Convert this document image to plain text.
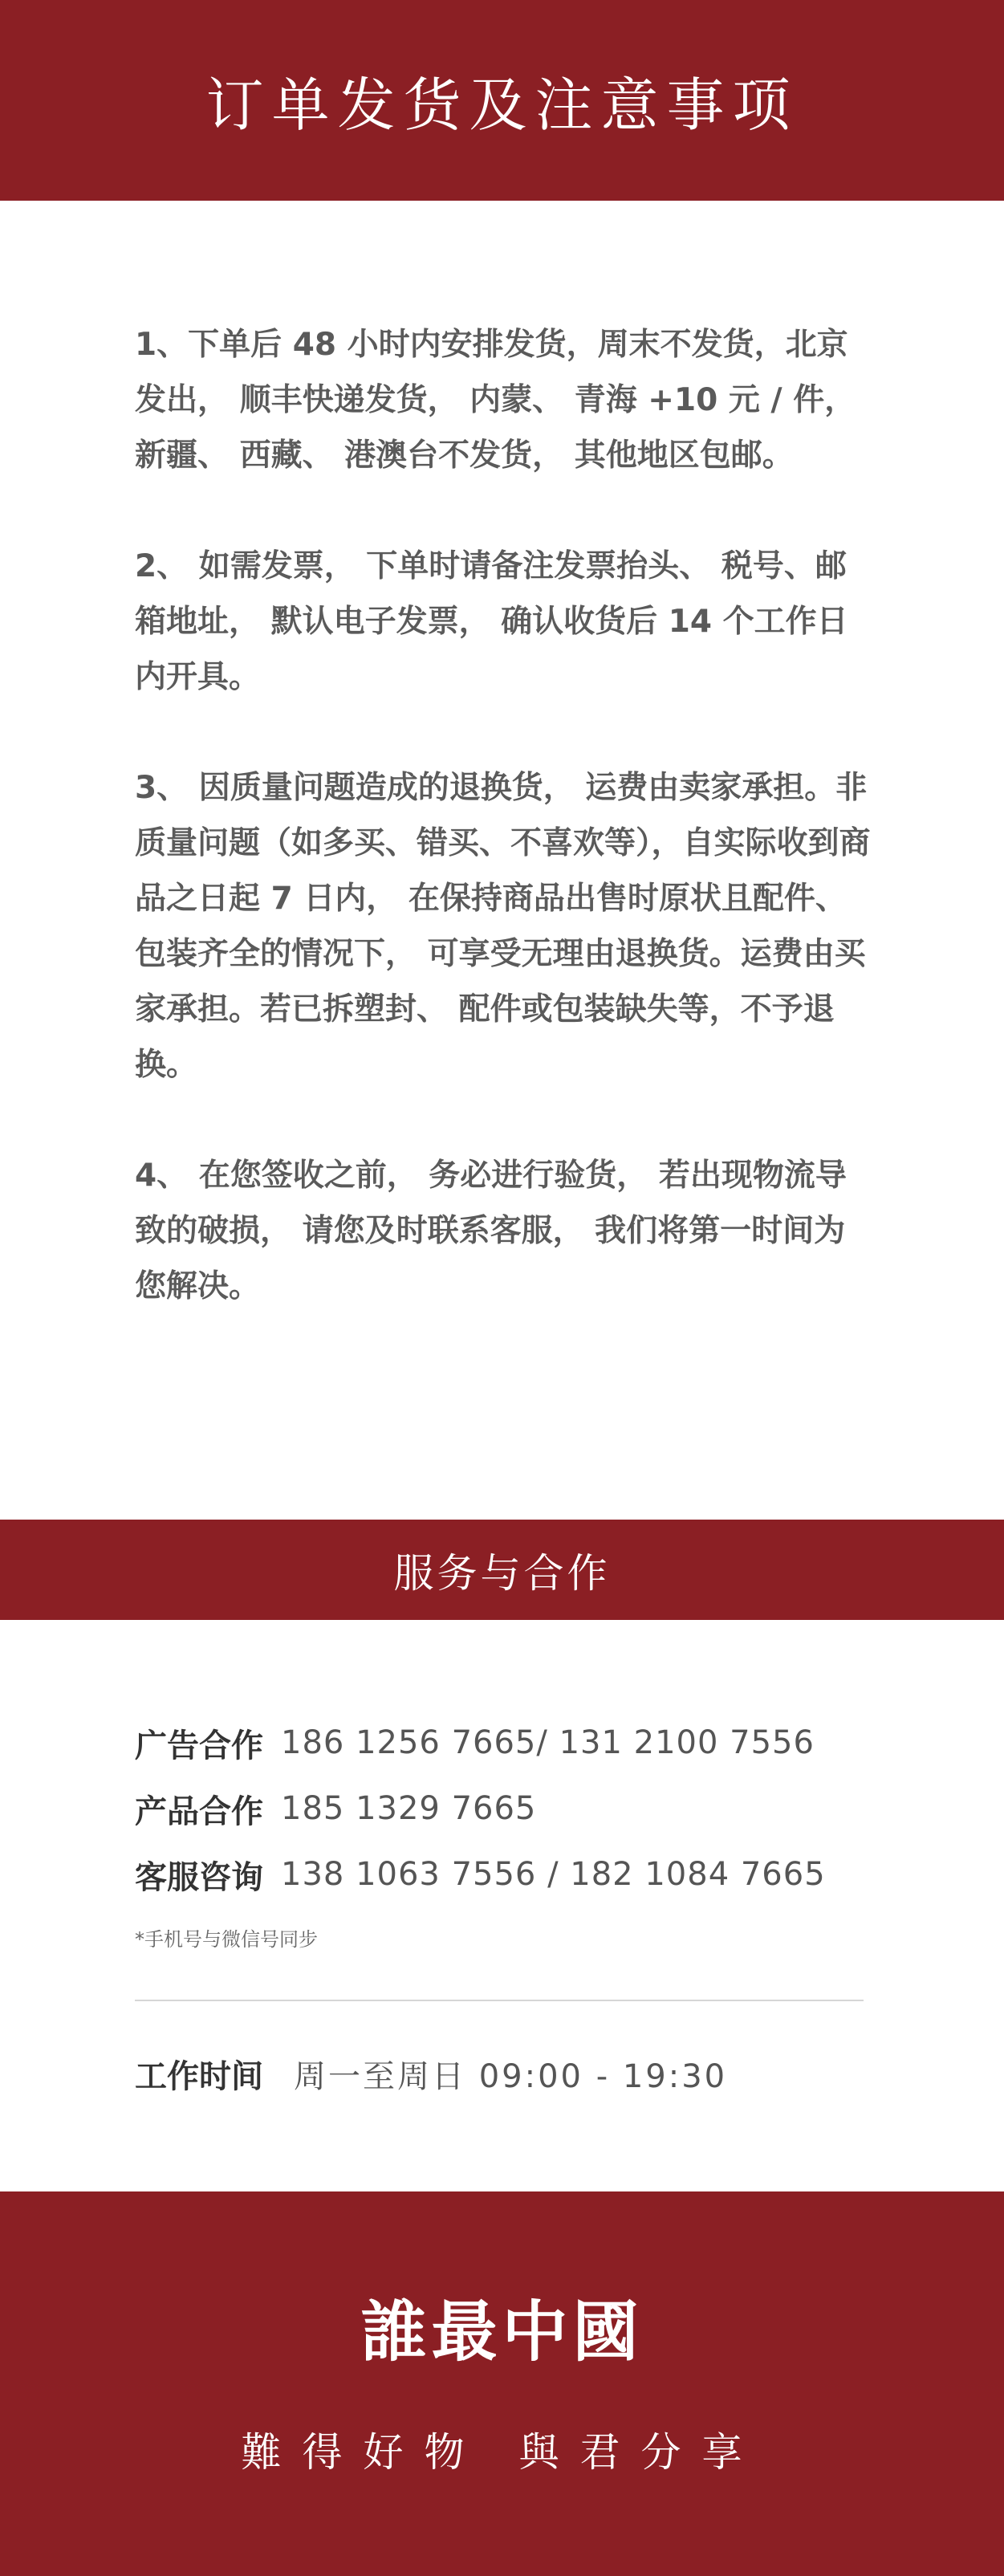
订单发货及注意事项

1、下单后 48 小时内安排发货，周末不发货，北京发出， 顺丰快递发货， 内蒙、 青海 +10 元 / 件， 新疆、 西藏、 港澳台不发货， 其他地区包邮。

2、 如需发票， 下单时请备注发票抬头、 税号、邮箱地址， 默认电子发票， 确认收货后 14 个工作日内开具。

3、 因质量问题造成的退换货， 运费由卖家承担。非质量问题（如多买、错买、不喜欢等），自实际收到商品之日起 7 日内， 在保持商品出售时原状且配件、 包装齐全的情况下， 可享受无理由退换货。运费由买家承担。若已拆塑封、 配件或包装缺失等，不予退换。

4、 在您签收之前， 务必进行验货， 若出现物流导致的破损， 请您及时联系客服， 我们将第一时间为您解决。

服务与合作
广告合作 186 1256 7665/ 131 2100 7556
产品合作 185 1329 7665
客服咨询 138 1063 7556 / 182 1084 7665
*手机号与微信号同步
工作时间 周一至周日 09:00 - 19:30
誰最中國
難得好物 與君分享
